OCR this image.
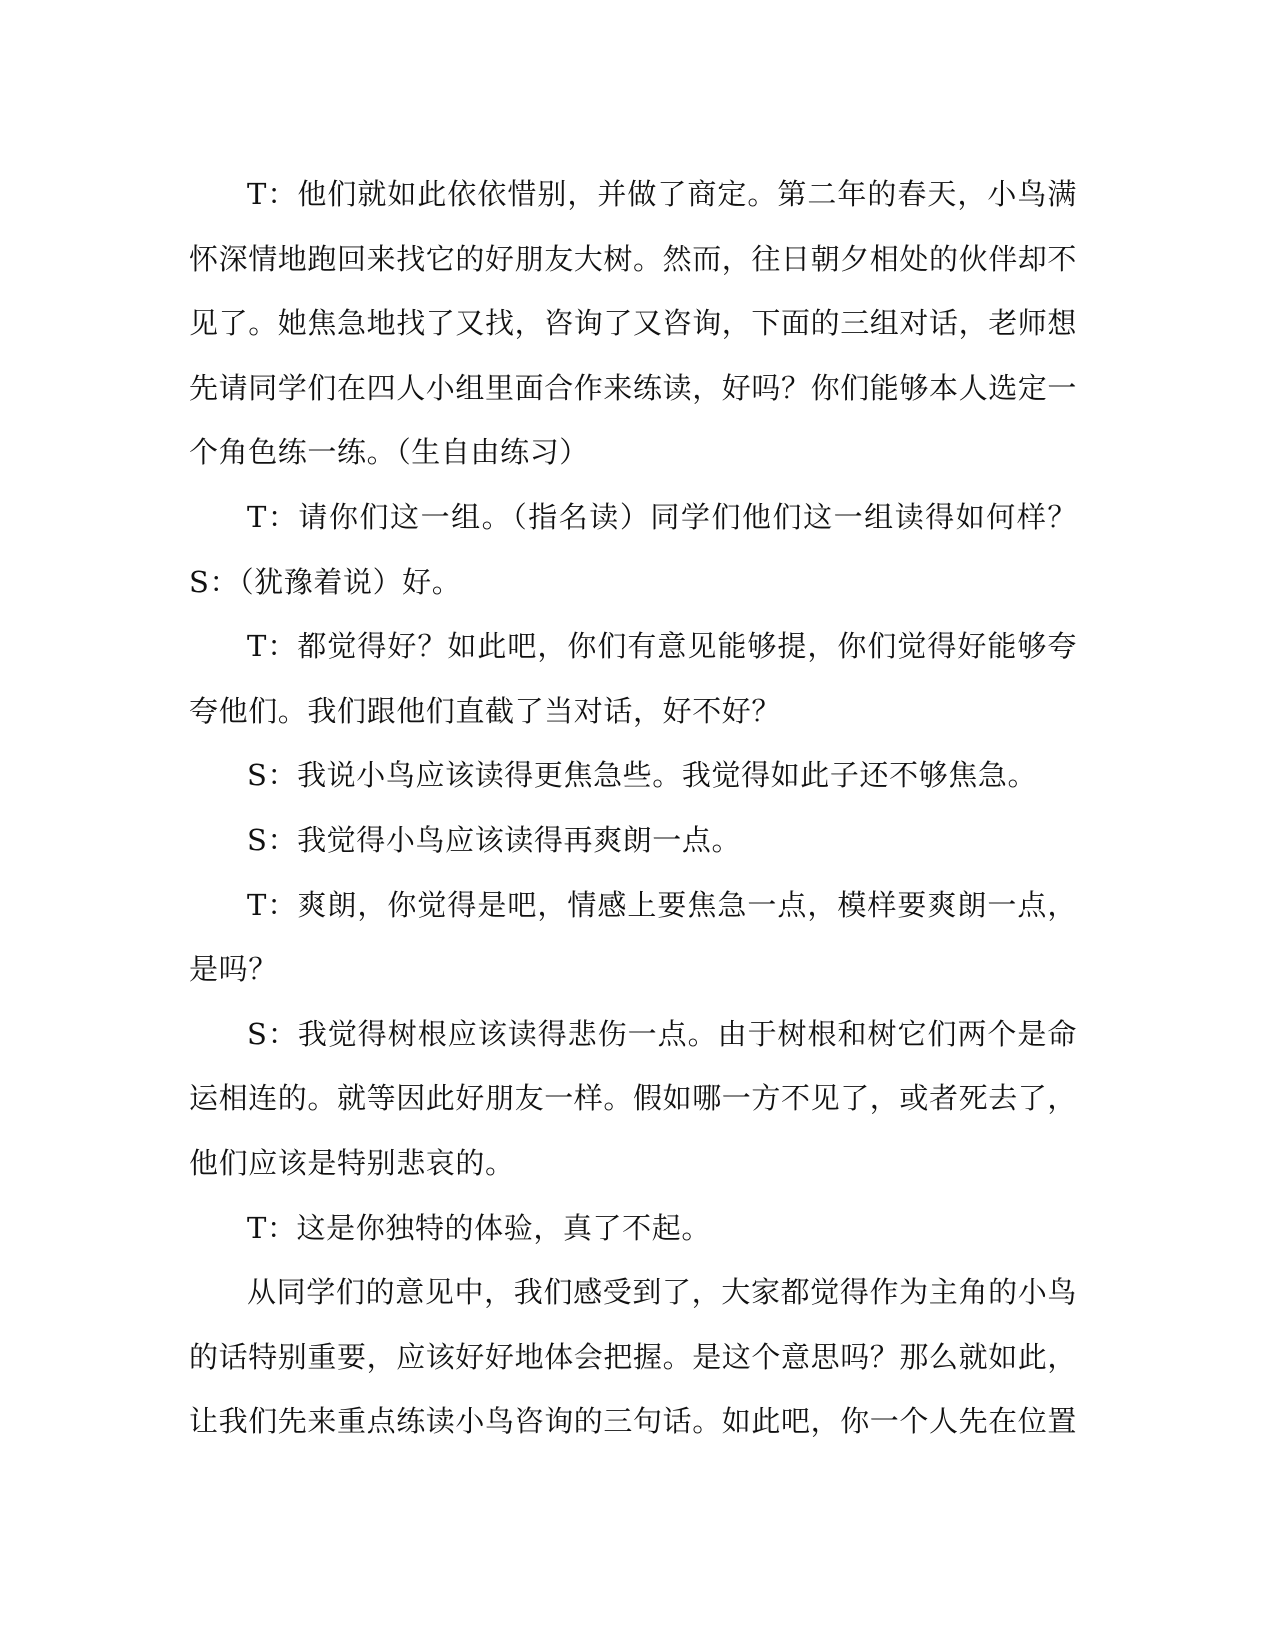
T：他们就如此依依惜别，并做了商定。第二年的春天，小鸟满怀深情地跑回来找它的好朋友大树。然而，往日朝夕相处的伙伴却不见了。她焦急地找了又找，咨询了又咨询，下面的三组对话，老师想先请同学们在四人小组里面合作来练读，好吗？你们能够本人选定一个角色练一练。（生自由练习）

T：请你们这一组。（指名读）同学们他们这一组读得如何样？S：（犹豫着说）好。

T：都觉得好？如此吧，你们有意见能够提，你们觉得好能够夸夸他们。我们跟他们直截了当对话，好不好？

S：我说小鸟应该读得更焦急些。我觉得如此子还不够焦急。

S：我觉得小鸟应该读得再爽朗一点。

T：爽朗，你觉得是吧，情感上要焦急一点，模样要爽朗一点，是吗？

S：我觉得树根应该读得悲伤一点。由于树根和树它们两个是命运相连的。就等因此好朋友一样。假如哪一方不见了，或者死去了，他们应该是特别悲哀的。

T：这是你独特的体验，真了不起。

从同学们的意见中，我们感受到了，大家都觉得作为主角的小鸟的话特别重要，应该好好地体会把握。是这个意思吗？那么就如此，让我们先来重点练读小鸟咨询的三句话。如此吧，你一个人先在位置
